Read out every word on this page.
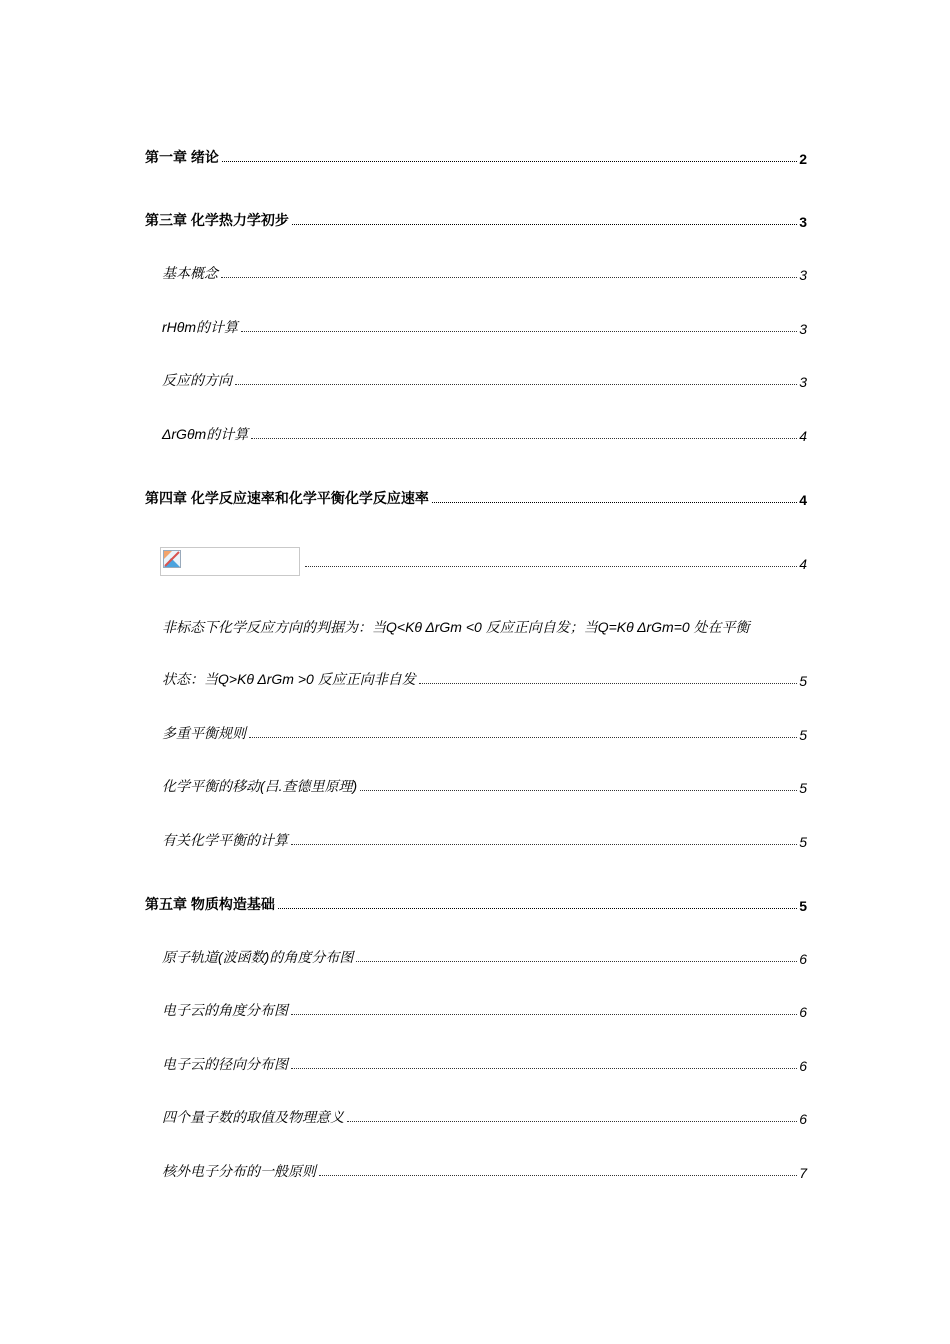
第一章 绪论	2
第三章 化学热力学初步	3
基本概念	3
rHθm的计算	3
反应的方向	3
ΔrGθm的计算	4
第四章 化学反应速率和化学平衡化学反应速率	4
4
非标态下化学反应方向的判据为：当Q<Kθ ΔrGm <0 反应正向自发；当Q=Kθ ΔrGm=0 处在平衡
状态：当Q>Kθ ΔrGm >0 反应正向非自发	5
多重平衡规则	5
化学平衡的移动(吕.查德里原理)	5
有关化学平衡的计算	5
第五章 物质构造基础	5
原子轨道(波函数)的角度分布图	6
电子云的角度分布图	6
电子云的径向分布图	6
四个量子数的取值及物理意义	6
核外电子分布的一般原则	7
